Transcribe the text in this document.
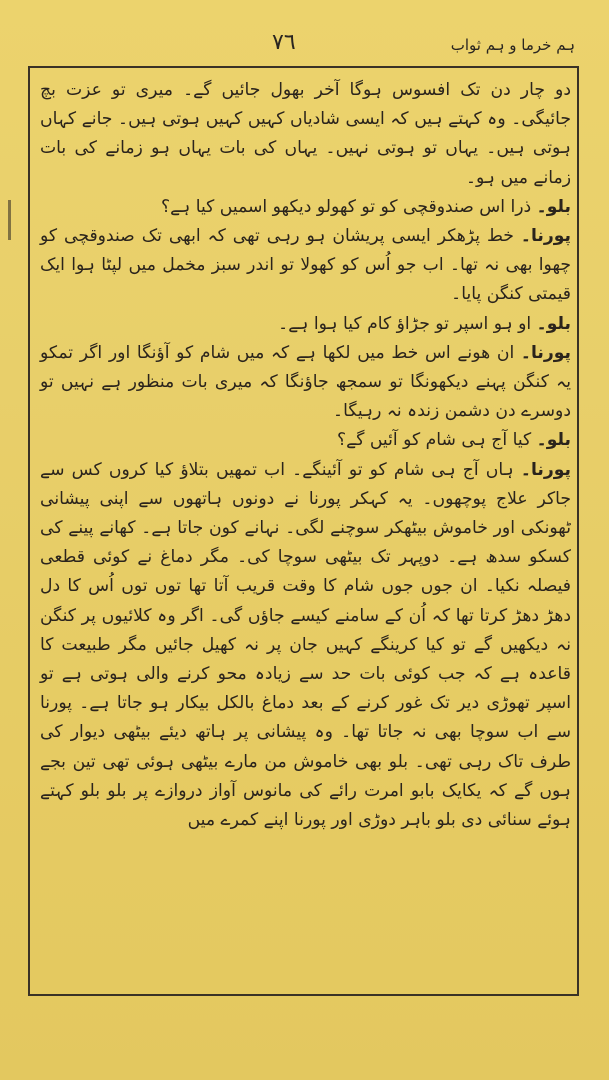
٧٦	ہم خرما و ہم ثواب

دو چار دن تک افسوس ہوگا آخر بھول جائیں گے۔ میری تو عزت بچ جائیگی۔ وہ کہتے ہیں کہ ایسی شادیاں کہیں کہیں ہوتی ہیں۔ جانے کہاں ہوتی ہیں۔ یہاں تو ہوتی نہیں۔ یہاں کی بات یہاں ہو زمانے کی بات زمانے میں ہو۔

بلو۔ ذرا اس صندوقچی کو تو کھولو دیکھو اسمیں کیا ہے؟

پورنا۔ خط پڑھکر ایسی پریشان ہو رہی تھی کہ ابھی تک صندوقچی کو چھوا بھی نہ تھا۔ اب جو اُس کو کھولا تو اندر سبز مخمل میں لپٹا ہوا ایک قیمتی کنگن پایا۔

بلو۔ او ہو اسپر تو جڑاؤ کام کیا ہوا ہے۔

پورنا۔ ان ھونے اس خط میں لکھا ہے کہ میں شام کو آؤنگا اور اگر تمکو یہ کنگن پہنے دیکھونگا تو سمجھ جاؤنگا کہ میری بات منظور ہے نہیں تو دوسرے دن دشمن زندہ نہ رہیگا۔

بلو۔ کیا آج ہی شام کو آئیں گے؟

پورنا۔ ہاں آج ہی شام کو تو آئینگے۔ اب تمھیں بتلاؤ کیا کروں کس سے جاکر علاج پوچھوں۔ یہ کہکر پورنا نے دونوں ہاتھوں سے اپنی پیشانی ٹھونکی اور خاموش بیٹھکر سوچنے لگی۔ نہانے کون جاتا ہے۔ کھانے پینے کی کسکو سدھ ہے۔ دوپہر تک بیٹھی سوچا کی۔ مگر دماغ نے کوئی قطعی فیصلہ نکیا۔ ان جوں جوں شام کا وقت قریب آتا تھا توں توں اُس کا دل دھڑ دھڑ کرتا تھا کہ اُن کے سامنے کیسے جاؤں گی۔ اگر وہ کلائیوں پر کنگن نہ دیکھیں گے تو کیا کرینگے کہیں جان پر نہ کھیل جائیں مگر طبیعت کا قاعدہ ہے کہ جب کوئی بات حد سے زیادہ محو کرنے والی ہوتی ہے تو اسپر تھوڑی دیر تک غور کرنے کے بعد دماغ بالکل بیکار ہو جاتا ہے۔ پورنا سے اب سوچا بھی نہ جاتا تھا۔ وہ پیشانی پر ہاتھ دیئے بیٹھی دیوار کی طرف تاک رہی تھی۔ بلو بھی خاموش من مارے بیٹھی ہوئی تھی تین بجے ہوں گے کہ یکایک بابو امرت رائے کی مانوس آواز دروازے پر بلو بلو کہتے ہوئے سنائی دی بلو باہر دوڑی اور پورنا اپنے کمرے میں
